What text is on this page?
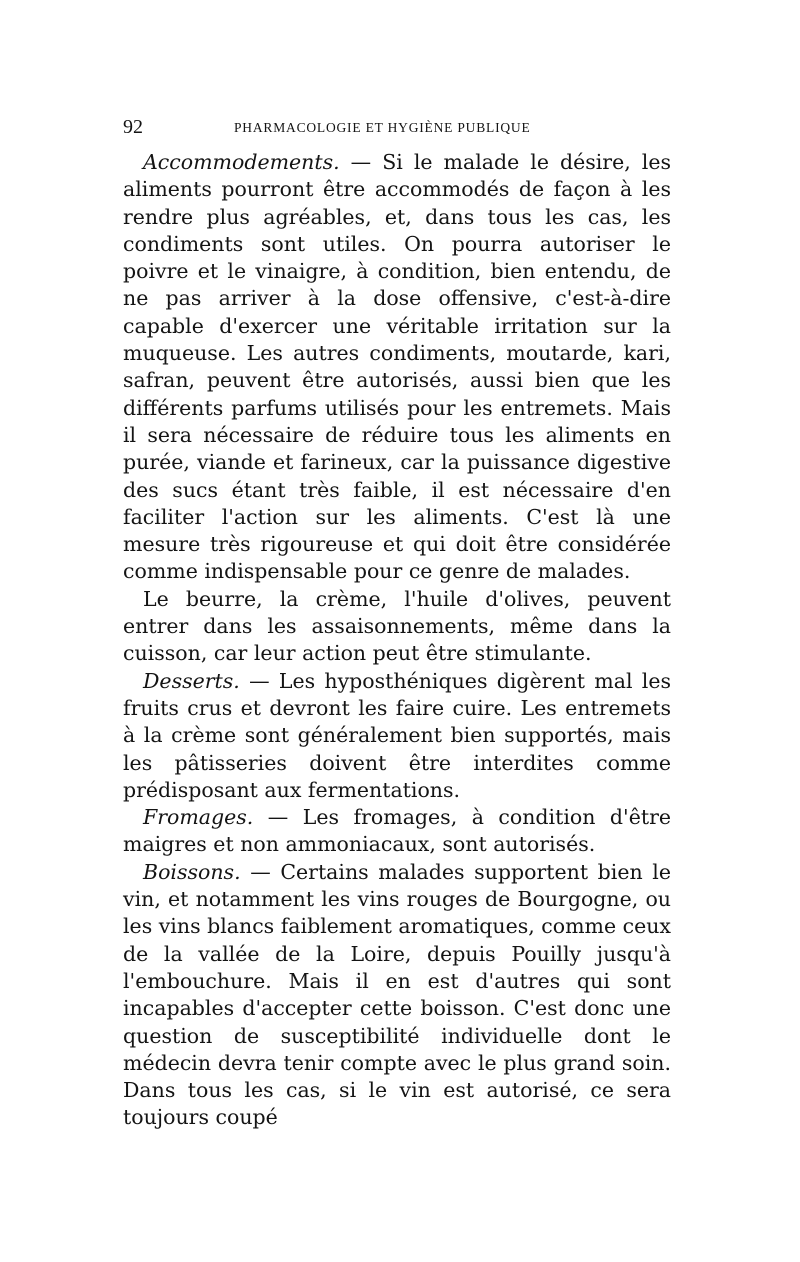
92	PHARMACOLOGIE ET HYGIÈNE PUBLIQUE

Accommodements. — Si le malade le désire, les aliments pourront être accommodés de façon à les rendre plus agréables, et, dans tous les cas, les condiments sont utiles. On pourra autoriser le poivre et le vinaigre, à condition, bien entendu, de ne pas arriver à la dose offensive, c'est-à-dire capable d'exercer une véritable irritation sur la muqueuse. Les autres condiments, moutarde, kari, safran, peuvent être autorisés, aussi bien que les différents parfums utilisés pour les entremets. Mais il sera nécessaire de réduire tous les aliments en purée, viande et farineux, car la puissance digestive des sucs étant très faible, il est nécessaire d'en faciliter l'action sur les aliments. C'est là une mesure très rigoureuse et qui doit être considérée comme indispensable pour ce genre de malades.

Le beurre, la crème, l'huile d'olives, peuvent entrer dans les assaisonnements, même dans la cuisson, car leur action peut être stimulante.

Desserts. — Les hyposthéniques digèrent mal les fruits crus et devront les faire cuire. Les entremets à la crème sont généralement bien supportés, mais les pâtisseries doivent être interdites comme prédisposant aux fermentations.

Fromages. — Les fromages, à condition d'être maigres et non ammoniacaux, sont autorisés.

Boissons. — Certains malades supportent bien le vin, et notamment les vins rouges de Bourgogne, ou les vins blancs faiblement aromatiques, comme ceux de la vallée de la Loire, depuis Pouilly jusqu'à l'embouchure. Mais il en est d'autres qui sont incapables d'accepter cette boisson. C'est donc une question de susceptibilité individuelle dont le médecin devra tenir compte avec le plus grand soin. Dans tous les cas, si le vin est autorisé, ce sera toujours coupé
